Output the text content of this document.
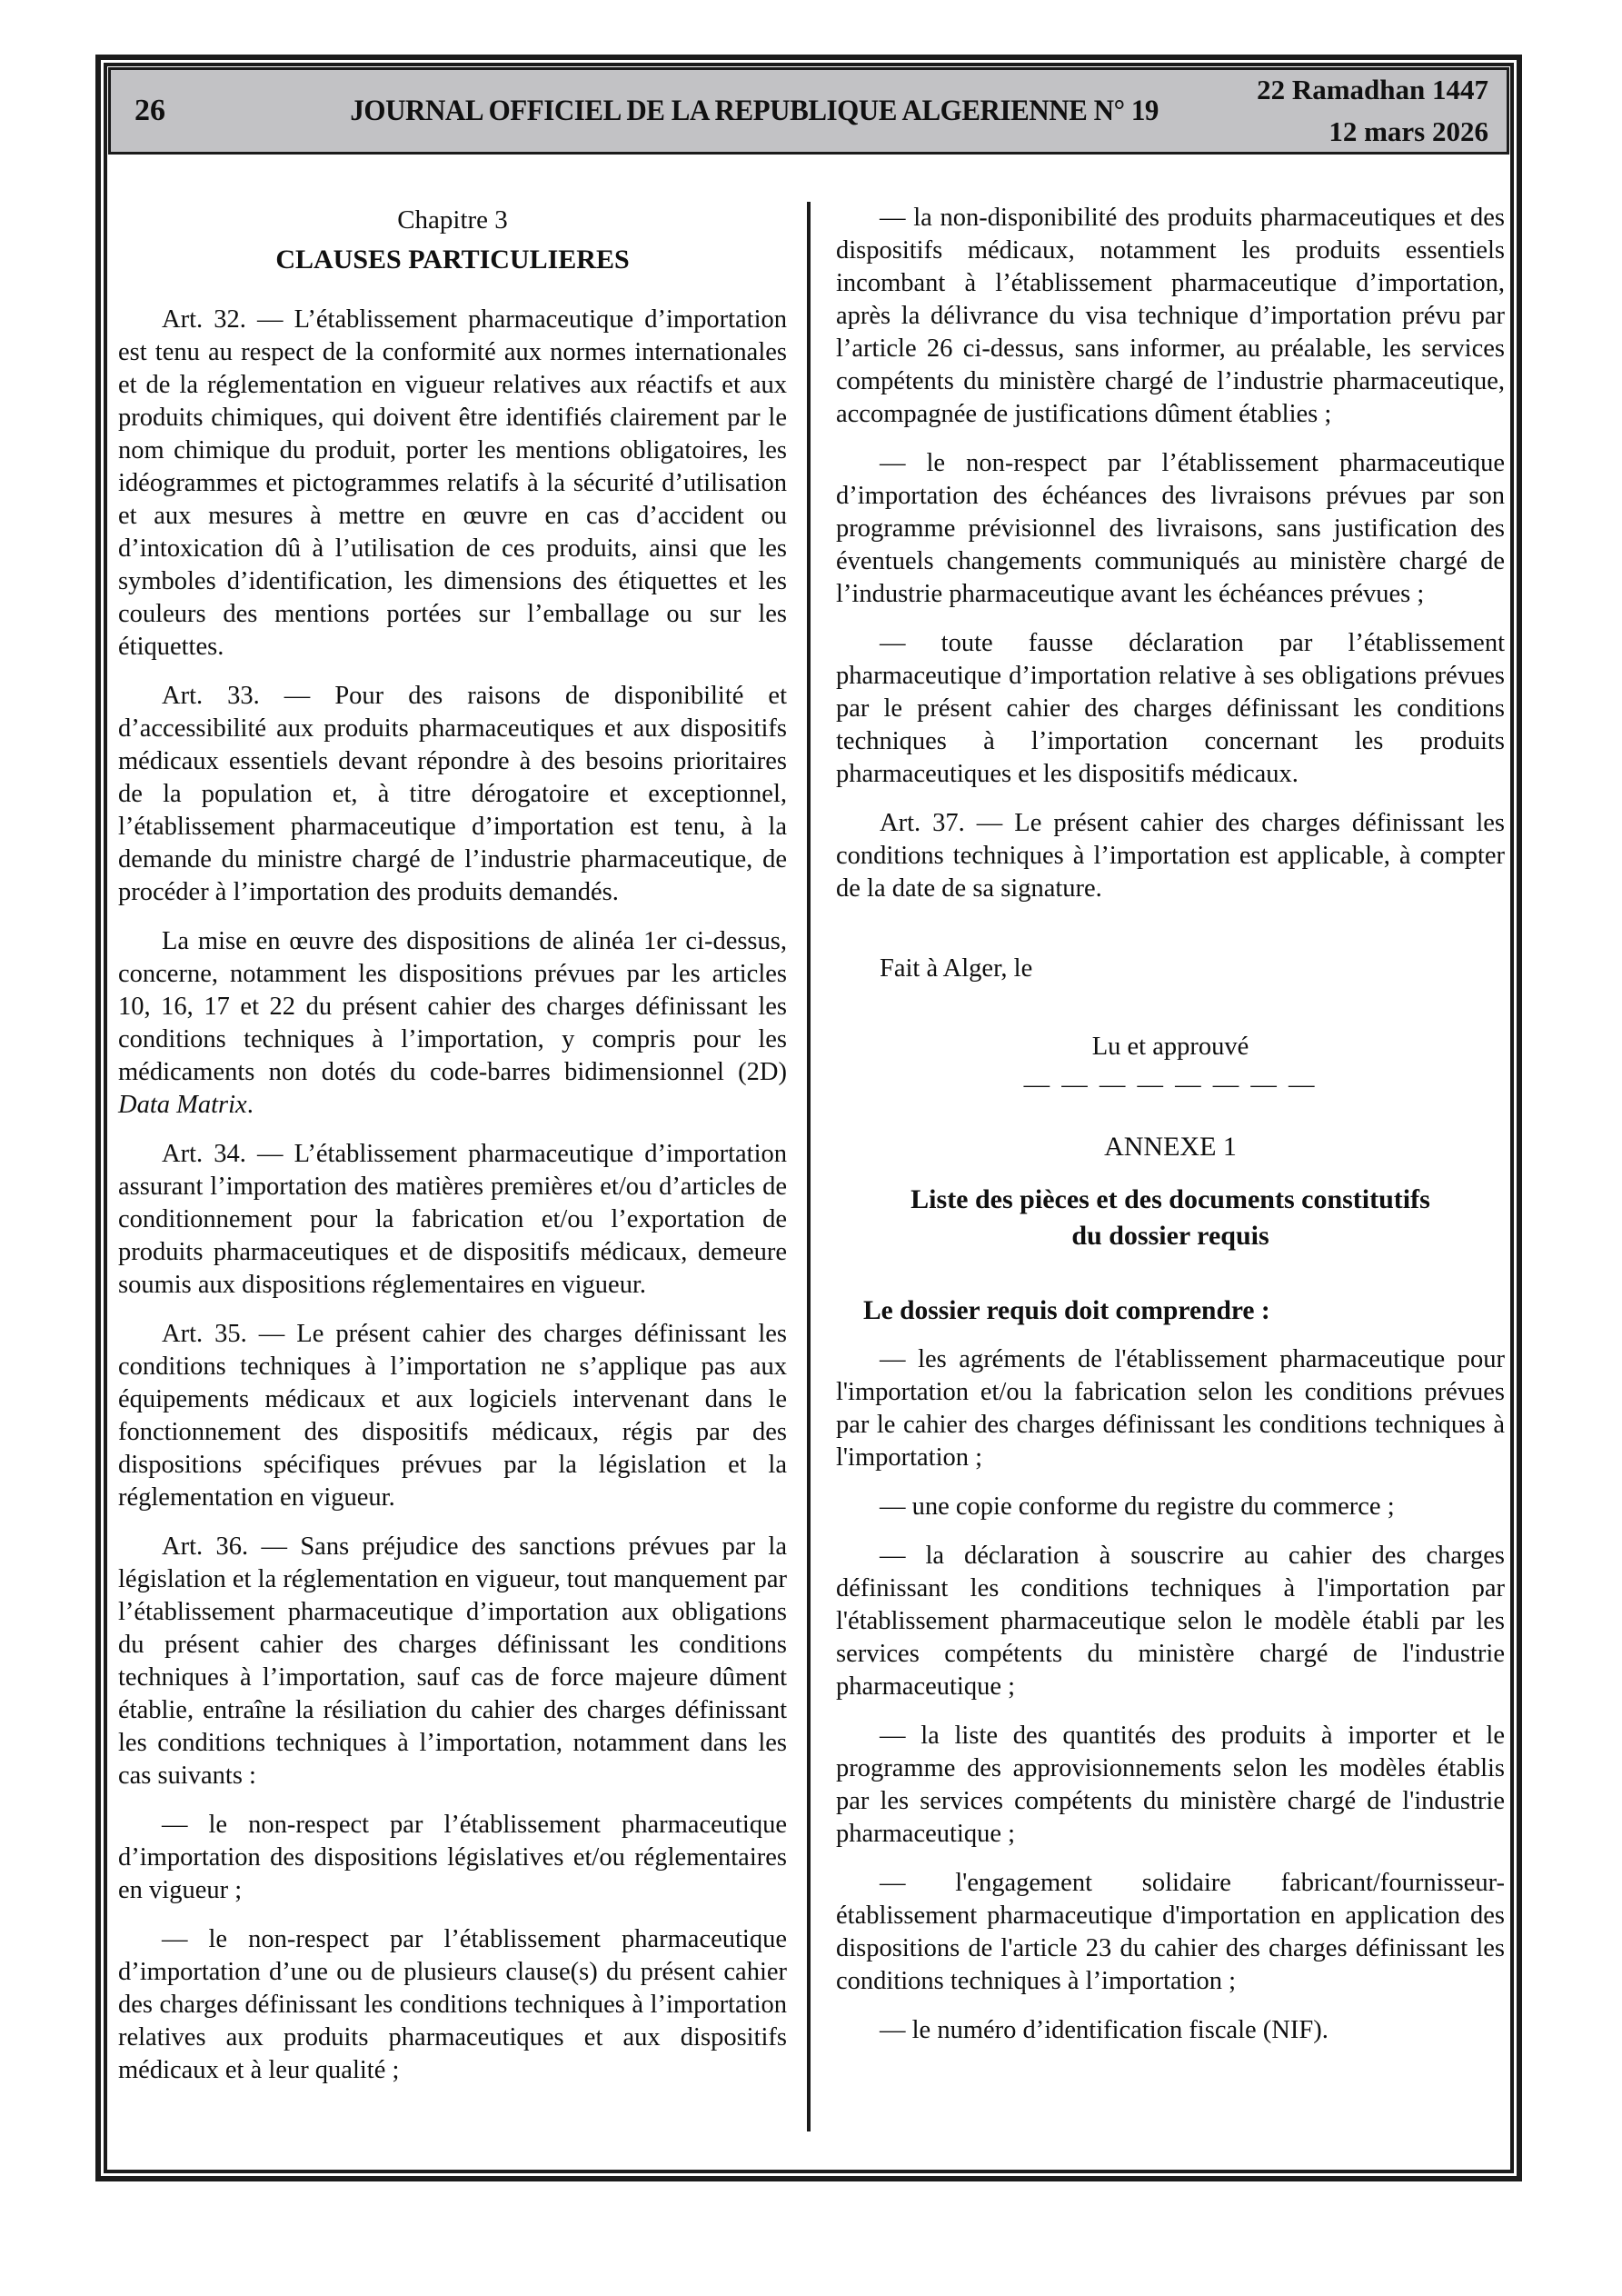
26	JOURNAL OFFICIEL DE LA REPUBLIQUE ALGERIENNE N° 19
22 Ramadhan 1447
12 mars 2026

Chapitre 3

CLAUSES PARTICULIERES

Art. 32. — L’établissement pharmaceutique d’importation est tenu au respect de la conformité aux normes internationales et de la réglementation en vigueur relatives aux réactifs et aux produits chimiques, qui doivent être identifiés clairement par le nom chimique du produit, porter les mentions obligatoires, les idéogrammes et pictogrammes relatifs à la sécurité d’utilisation et aux mesures à mettre en œuvre en cas d’accident ou d’intoxication dû à l’utilisation de ces produits, ainsi que les symboles d’identification, les dimensions des étiquettes et les couleurs des mentions portées sur l’emballage ou sur les étiquettes.

Art. 33. — Pour des raisons de disponibilité et d’accessibilité aux produits pharmaceutiques et aux dispositifs médicaux essentiels devant répondre à des besoins prioritaires de la population et, à titre dérogatoire et exceptionnel, l’établissement pharmaceutique d’importation est tenu, à la demande du ministre chargé de l’industrie pharmaceutique, de procéder à l’importation des produits demandés.

La mise en œuvre des dispositions de alinéa 1er ci-dessus, concerne, notamment les dispositions prévues par les articles 10, 16, 17 et 22 du présent cahier des charges définissant les conditions techniques à l’importation, y compris pour les médicaments non dotés du code-barres bidimensionnel (2D) Data Matrix.

Art. 34. — L’établissement pharmaceutique d’importation assurant l’importation des matières premières et/ou d’articles de conditionnement pour la fabrication et/ou l’exportation de produits pharmaceutiques et de dispositifs médicaux, demeure soumis aux dispositions réglementaires en vigueur.

Art. 35. — Le présent cahier des charges définissant les conditions techniques à l’importation ne s’applique pas aux équipements médicaux et aux logiciels intervenant dans le fonctionnement des dispositifs médicaux, régis par des dispositions spécifiques prévues par la législation et la réglementation en vigueur.

Art. 36. — Sans préjudice des sanctions prévues par la législation et la réglementation en vigueur, tout manquement par l’établissement pharmaceutique d’importation aux obligations du présent cahier des charges définissant les conditions techniques à l’importation, sauf cas de force majeure dûment établie, entraîne la résiliation du cahier des charges définissant les conditions techniques à l’importation, notamment dans les cas suivants :

— le non-respect par l’établissement pharmaceutique d’importation des dispositions législatives et/ou réglementaires en vigueur ;

— le non-respect par l’établissement pharmaceutique d’importation d’une ou de plusieurs clause(s) du présent cahier des charges définissant les conditions techniques à l’importation relatives aux produits pharmaceutiques et aux dispositifs médicaux et à leur qualité ;

— la non-disponibilité des produits pharmaceutiques et des dispositifs médicaux, notamment les produits essentiels incombant à l’établissement pharmaceutique d’importation, après la délivrance du visa technique d’importation prévu par l’article 26 ci-dessus, sans informer, au préalable, les services compétents du ministère chargé de l’industrie pharmaceutique, accompagnée de justifications dûment établies ;

— le non-respect par l’établissement pharmaceutique d’importation des échéances des livraisons prévues par son programme prévisionnel des livraisons, sans justification des éventuels changements communiqués au ministère chargé de l’industrie pharmaceutique avant les échéances prévues ;

— toute fausse déclaration par l’établissement pharmaceutique d’importation relative à ses obligations prévues par le présent cahier des charges définissant les conditions techniques à l’importation concernant les produits pharmaceutiques et les dispositifs médicaux.

Art. 37. — Le présent cahier des charges définissant les conditions techniques à l’importation est applicable, à compter de la date de sa signature.

Fait à Alger, le

Lu et approuvé

— — — — — — — —

ANNEXE 1

Liste des pièces et des documents constitutifs
du dossier requis

Le dossier requis doit comprendre :

— les agréments de l'établissement pharmaceutique pour l'importation et/ou la fabrication selon les conditions prévues par le cahier des charges définissant les conditions techniques à l'importation ;

— une copie conforme du registre du commerce ;

— la déclaration à souscrire au cahier des charges définissant les conditions techniques à l'importation par l'établissement pharmaceutique selon le modèle établi par les services compétents du ministère chargé de l'industrie pharmaceutique ;

— la liste des quantités des produits à importer et le programme des approvisionnements selon les modèles établis par les services compétents du ministère chargé de l'industrie pharmaceutique ;

— l'engagement solidaire fabricant/fournisseur-établissement pharmaceutique d'importation en application des dispositions de l'article 23 du cahier des charges définissant les conditions techniques à l’importation ;

— le numéro d’identification fiscale (NIF).
